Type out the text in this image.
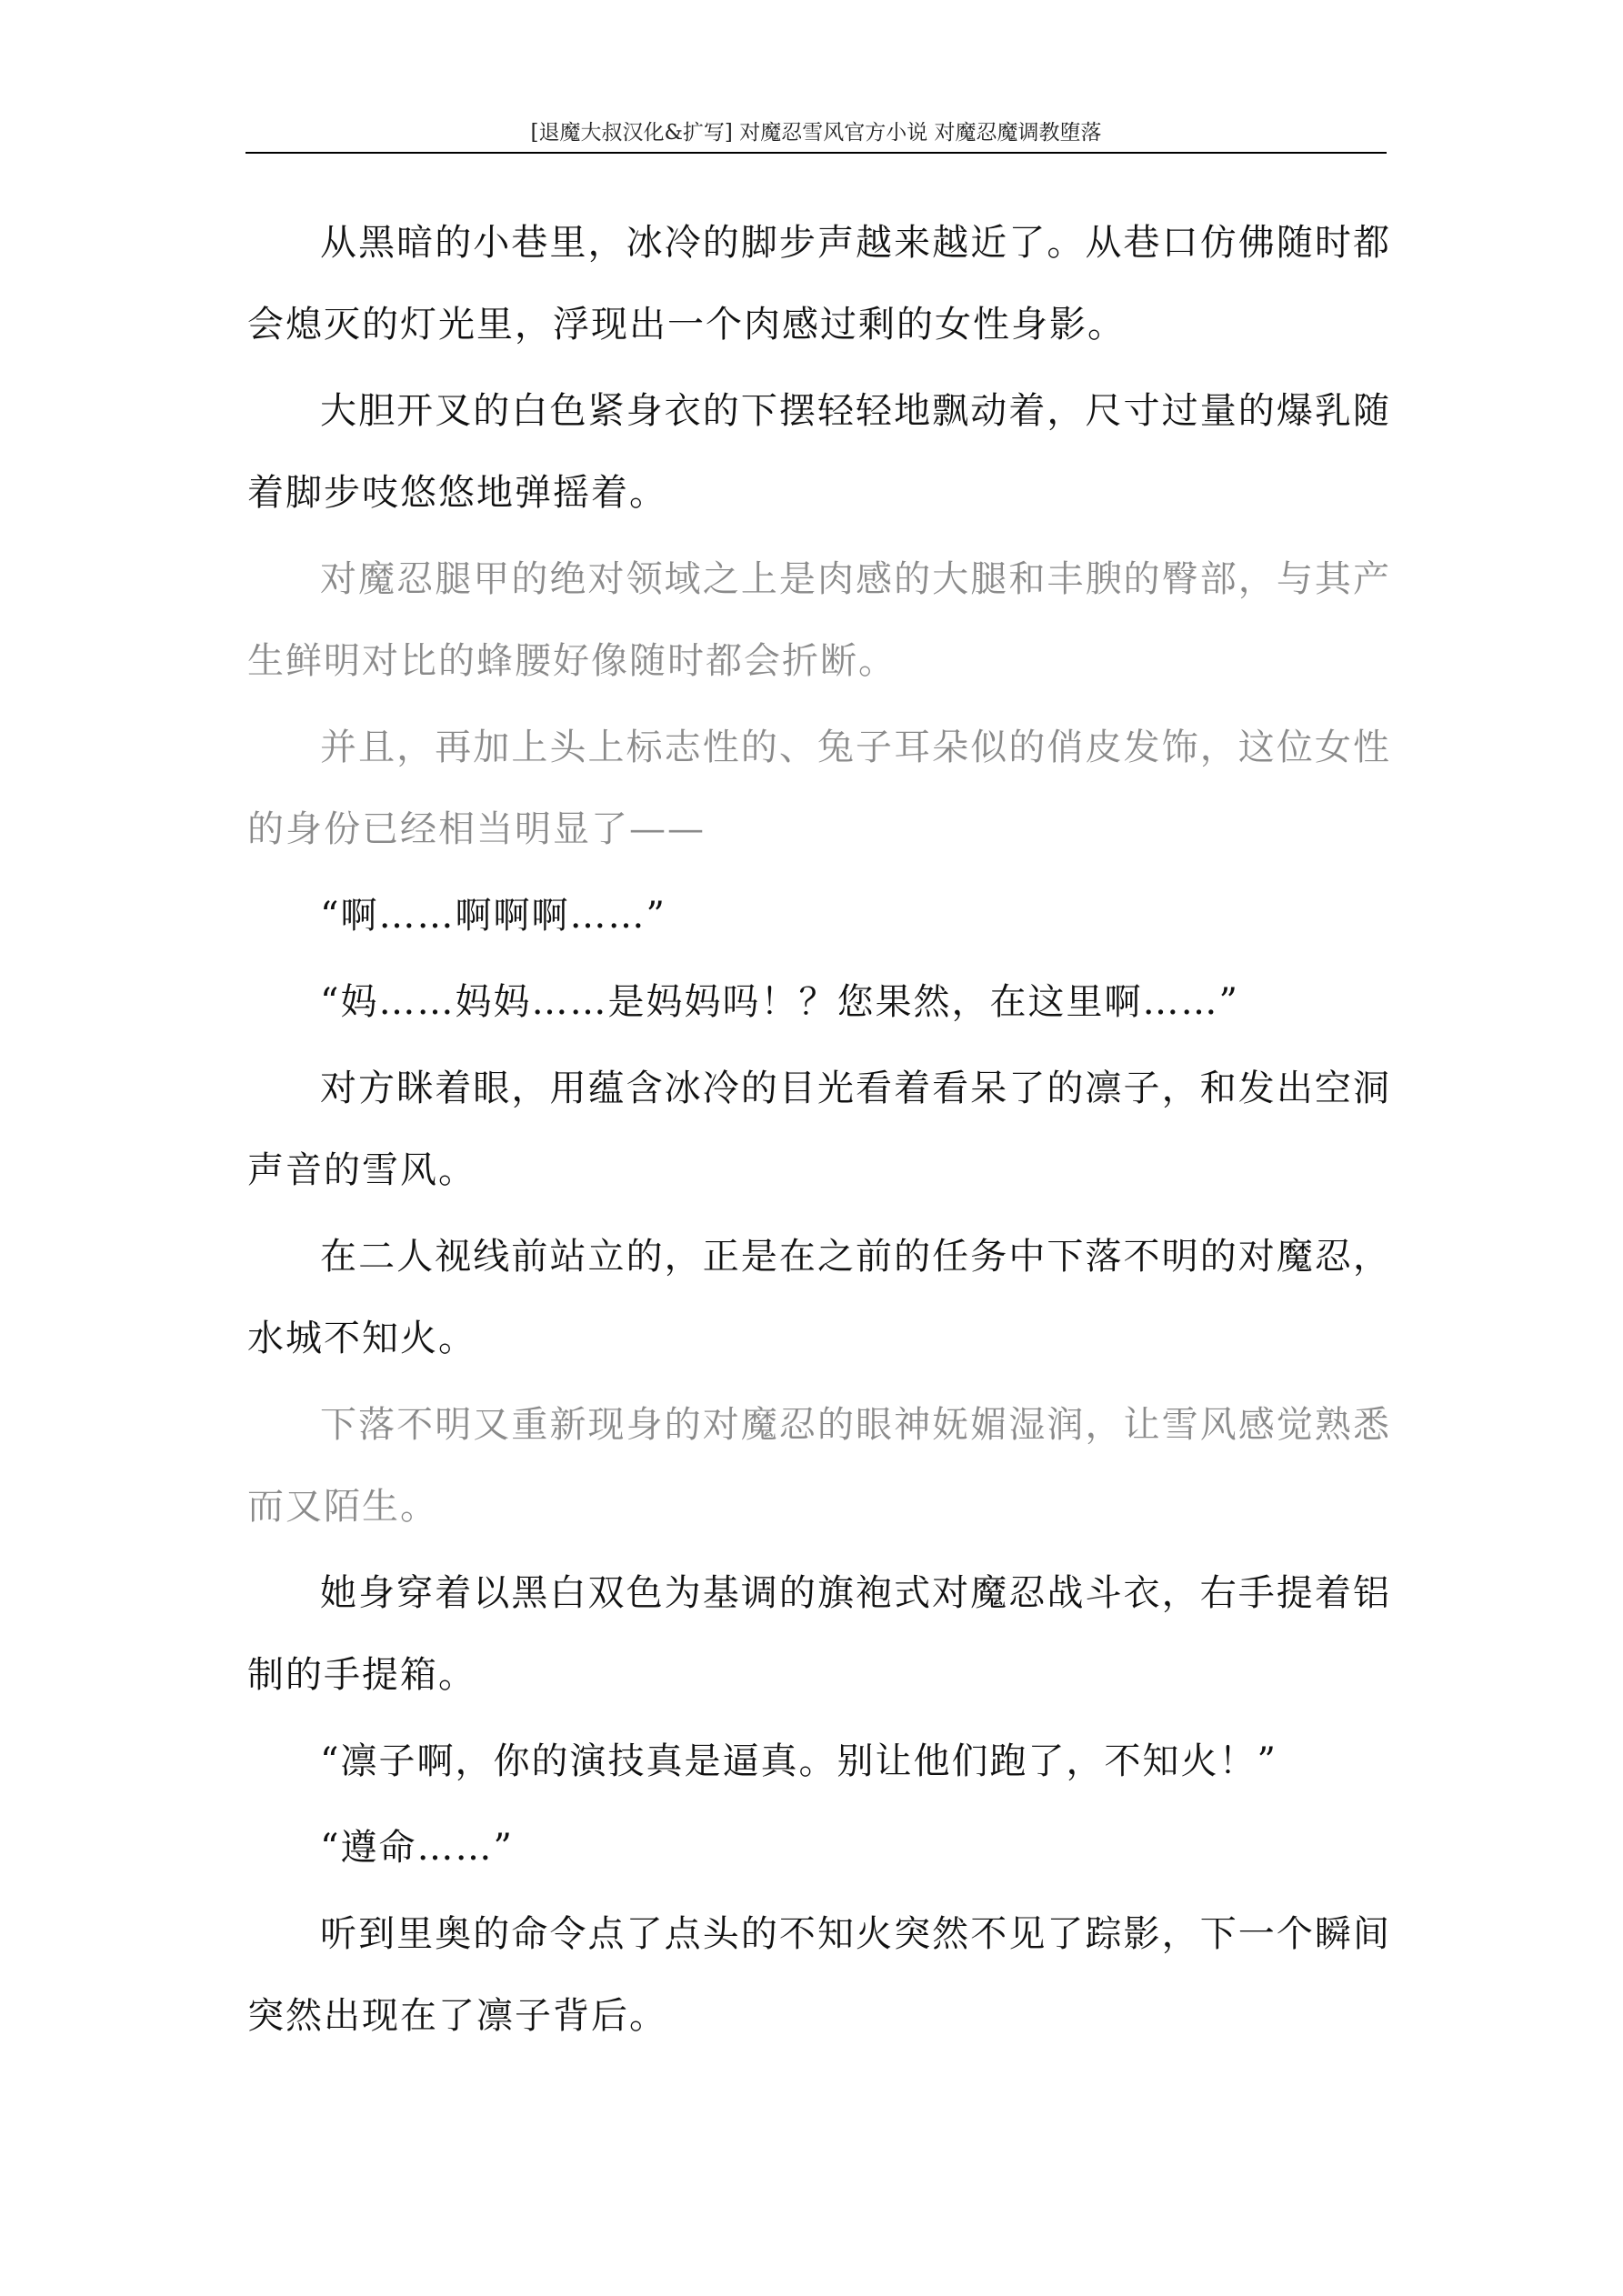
[退魔大叔汉化&扩写] 对魔忍雪风官方小说 对魔忍魔调教堕落

从黑暗的小巷里，冰冷的脚步声越来越近了。从巷口仿佛随时都会熄灭的灯光里，浮现出一个肉感过剩的女性身影。

大胆开叉的白色紧身衣的下摆轻轻地飘动着，尺寸过量的爆乳随着脚步吱悠悠地弹摇着。

对魔忍腿甲的绝对领域之上是肉感的大腿和丰腴的臀部，与其产生鲜明对比的蜂腰好像随时都会折断。

并且，再加上头上标志性的、兔子耳朵似的俏皮发饰，这位女性的身份已经相当明显了——

“啊……啊啊啊……”

“妈……妈妈……是妈妈吗！？您果然，在这里啊……”

对方眯着眼，用蕴含冰冷的目光看着看呆了的凛子，和发出空洞声音的雪风。

在二人视线前站立的，正是在之前的任务中下落不明的对魔忍，水城不知火。

下落不明又重新现身的对魔忍的眼神妩媚湿润，让雪风感觉熟悉而又陌生。

她身穿着以黑白双色为基调的旗袍式对魔忍战斗衣，右手提着铝制的手提箱。

“凛子啊，你的演技真是逼真。别让他们跑了，不知火！”

“遵命……”

听到里奥的命令点了点头的不知火突然不见了踪影，下一个瞬间突然出现在了凛子背后。
